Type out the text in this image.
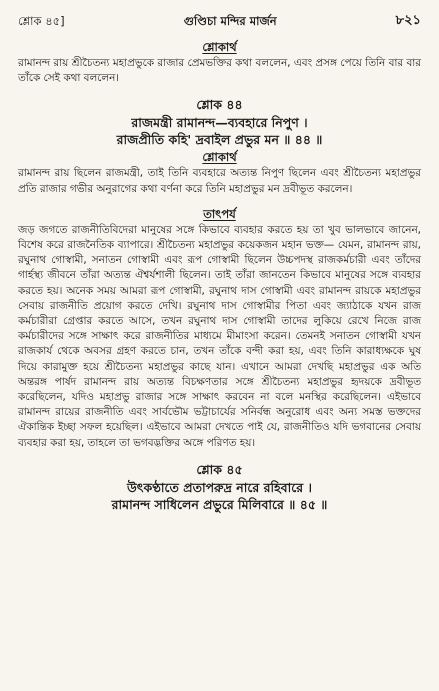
শ্লোক ৪৫]	গুণ্ডিচা মন্দির মার্জন	৮২১
শ্লোকার্থ

রামানন্দ রায় শ্রীচৈতন্য মহাপ্রভুকে রাজার প্রেমভক্তির কথা বললেন, এবং প্রসঙ্গ পেয়ে তিনি বার বার তাঁকে সেই কথা বললেন।

শ্লোক ৪৪
রাজমন্ত্রী রামানন্দ—ব্যবহারে নিপুণ ।
রাজপ্রীতি কহি' দ্রবাইল প্রভুর মন ॥ ৪৪ ॥
শ্লোকার্থ

রামানন্দ রায় ছিলেন রাজমন্ত্রী, তাই তিনি ব্যবহারে অত্যন্ত নিপুণ ছিলেন এবং শ্রীচৈতন্য মহাপ্রভুর প্রতি রাজার গভীর অনুরাগের কথা বর্ণনা করে তিনি মহাপ্রভুর মন দ্রবীভূত করলেন।

তাৎপর্য

জড় জগতে রাজনীতিবিদেরা মানুষের সঙ্গে কিভাবে ব্যবহার করতে হয় তা খুব ভালভাবে জানেন, বিশেষ করে রাজনৈতিক ব্যাপারে। শ্রীচৈতন্য মহাপ্রভুর কয়েকজন মহান ভক্ত— যেমন, রামানন্দ রায়, রঘুনাথ গোস্বামী, সনাতন গোস্বামী এবং রূপ গোস্বামী ছিলেন উচ্চপদস্থ রাজকর্মচারী এবং তাঁদের গার্হস্থ্য জীবনে তাঁরা অত্যন্ত ঐশ্বর্যশালী ছিলেন। তাই তাঁরা জানতেন কিভাবে মানুষের সঙ্গে ব্যবহার করতে হয়। অনেক সময় আমরা রূপ গোস্বামী, রঘুনাথ দাস গোস্বামী এবং রামানন্দ রায়কে মহাপ্রভুর সেবায় রাজনীতি প্রয়োগ করতে দেখি। রঘুনাথ দাস গোস্বামীর পিতা এবং জ্যাঠাকে যখন রাজ কর্মচারীরা গ্রেপ্তার করতে আসে, তখন রঘুনাথ দাস গোস্বামী তাদের লুকিয়ে রেখে নিজে রাজ কর্মচারীদের সঙ্গে সাক্ষাৎ করে রাজনীতির মাধ্যমে মীমাংসা করেন। তেমনই সনাতন গোস্বামী যখন রাজকার্য থেকে অবসর গ্রহণ করতে চান, তখন তাঁকে বন্দী করা হয়, এবং তিনি কারাধ্যক্ষকে ঘুষ দিয়ে কারামুক্ত হয়ে শ্রীচৈতন্য মহাপ্রভুর কাছে যান। এখানে আমরা দেখছি মহাপ্রভুর এক অতি অন্তরঙ্গ পার্ষদ রামানন্দ রায় অত্যন্ত বিচক্ষণতার সঙ্গে শ্রীচৈতন্য মহাপ্রভুর হৃদয়কে দ্রবীভূত করেছিলেন, যদিও মহাপ্রভু রাজার সঙ্গে সাক্ষাৎ করবেন না বলে মনস্থির করেছিলেন। এইভাবে রামানন্দ রায়ের রাজনীতি এবং সার্বভৌম ভট্টাচার্যের সনির্বন্ধ অনুরোধ এবং অন্য সমস্ত ভক্তদের ঐকান্তিক ইচ্ছা সফল হয়েছিল। এইভাবে আমরা দেখতে পাই যে, রাজনীতিও যদি ভগবানের সেবায় ব্যবহার করা হয়, তাহলে তা ভগবদ্ভক্তির অঙ্গে পরিণত হয়।

শ্লোক ৪৫
উৎকণ্ঠাতে প্রতাপরুদ্র নারে রহিবারে ।
রামানন্দ সাধিলেন প্রভুরে মিলিবারে ॥ ৪৫ ॥
